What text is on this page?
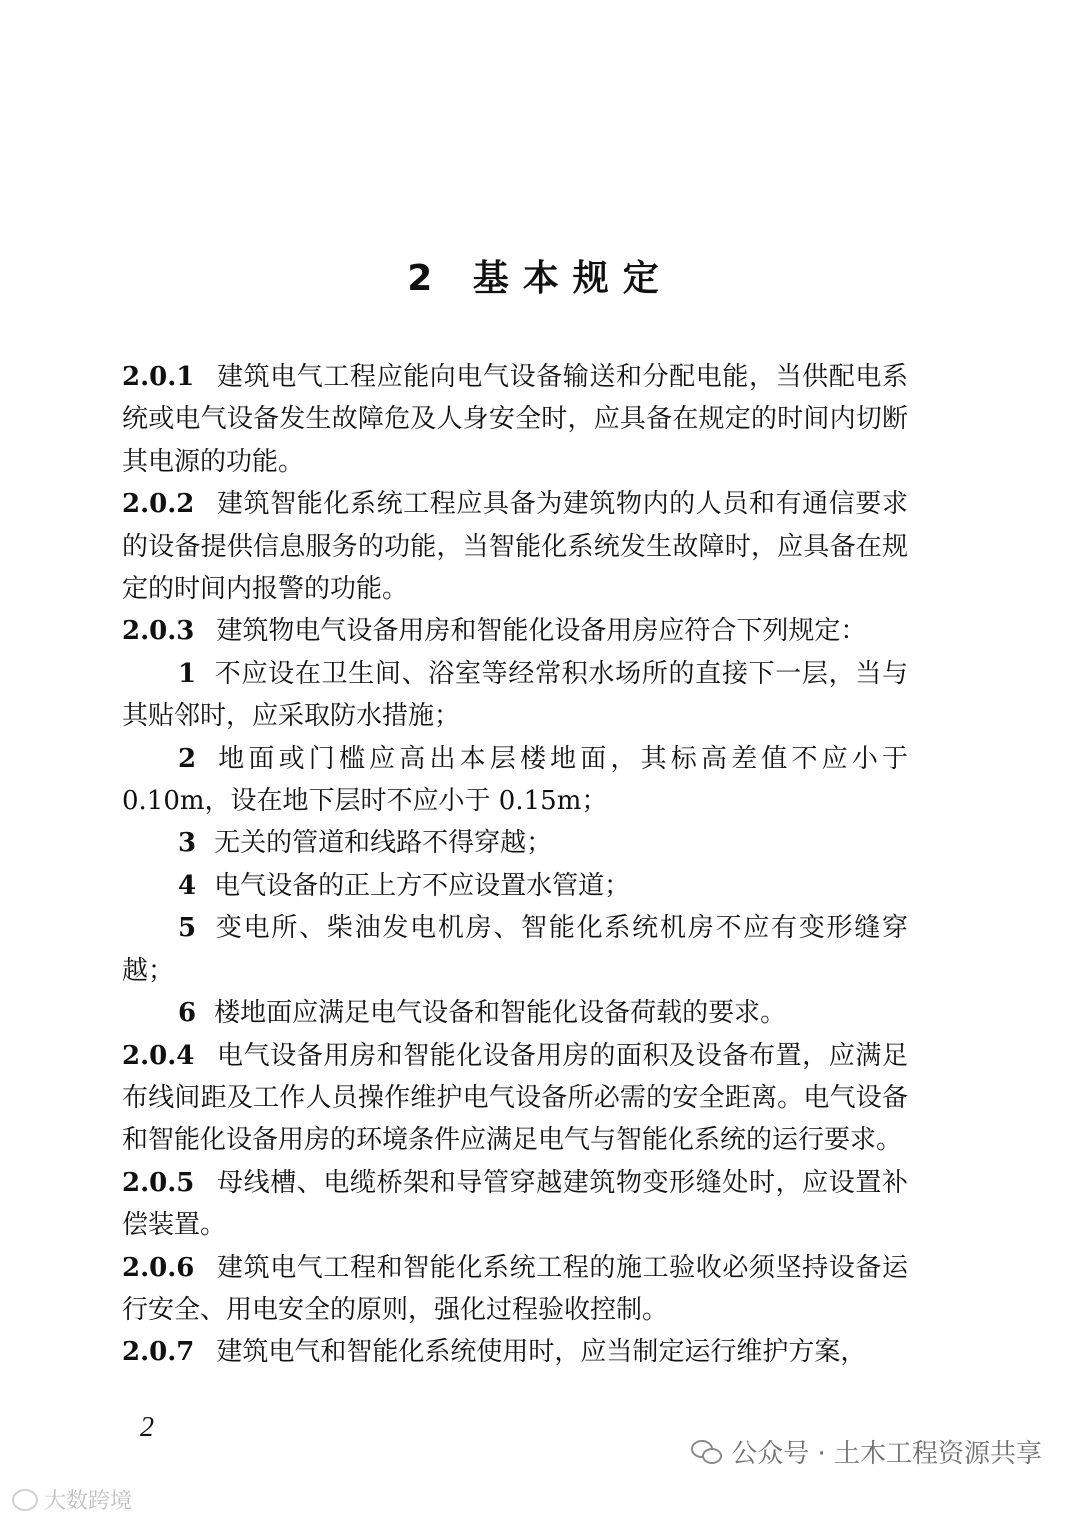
2 基本规定

2.0.1 建筑电气工程应能向电气设备输送和分配电能，当供配电系统或电气设备发生故障危及人身安全时，应具备在规定的时间内切断其电源的功能。

2.0.2 建筑智能化系统工程应具备为建筑物内的人员和有通信要求的设备提供信息服务的功能，当智能化系统发生故障时，应具备在规定的时间内报警的功能。

2.0.3 建筑物电气设备用房和智能化设备用房应符合下列规定：

1 不应设在卫生间、浴室等经常积水场所的直接下一层，当与其贴邻时，应采取防水措施；

2 地面或门槛应高出本层楼地面，其标高差值不应小于 0.10m，设在地下层时不应小于 0.15m；

3 无关的管道和线路不得穿越；

4 电气设备的正上方不应设置水管道；

5 变电所、柴油发电机房、智能化系统机房不应有变形缝穿越；

6 楼地面应满足电气设备和智能化设备荷载的要求。

2.0.4 电气设备用房和智能化设备用房的面积及设备布置，应满足布线间距及工作人员操作维护电气设备所必需的安全距离。电气设备和智能化设备用房的环境条件应满足电气与智能化系统的运行要求。

2.0.5 母线槽、电缆桥架和导管穿越建筑物变形缝处时，应设置补偿装置。

2.0.6 建筑电气工程和智能化系统工程的施工验收必须坚持设备运行安全、用电安全的原则，强化过程验收控制。

2.0.7 建筑电气和智能化系统使用时，应当制定运行维护方案，

2
公众号 · 土木工程资源共享
大数跨境
